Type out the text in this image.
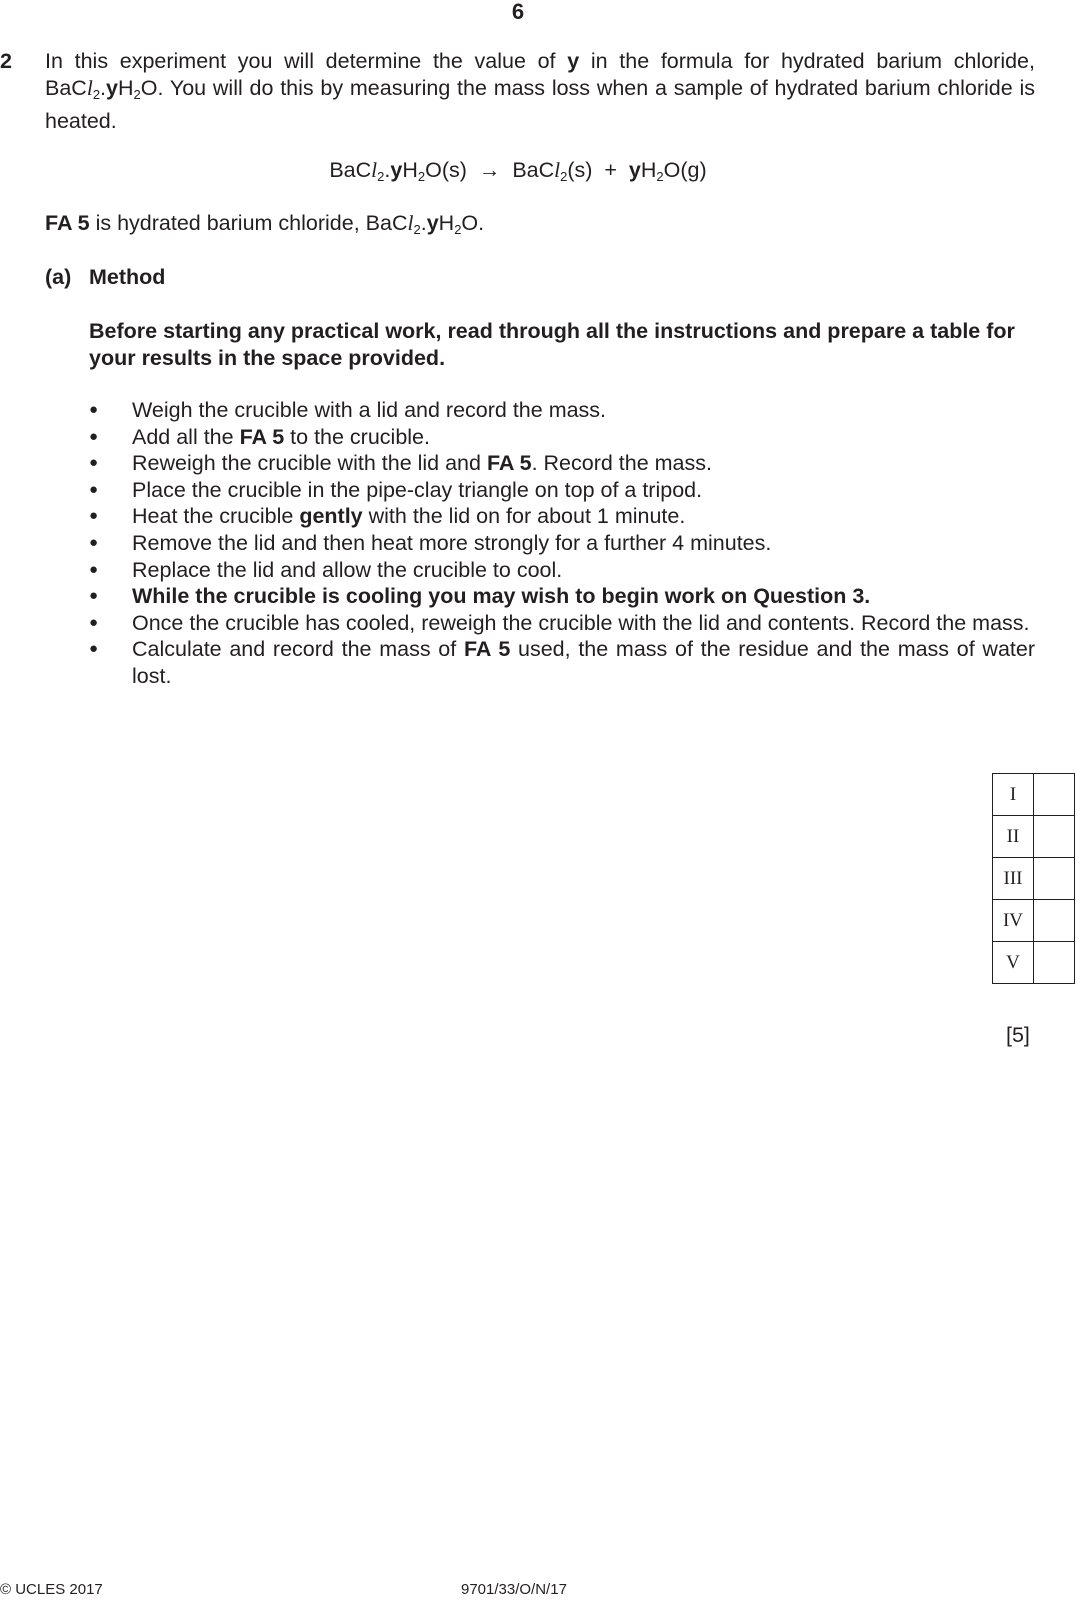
6
2 In this experiment you will determine the value of y in the formula for hydrated barium chloride, $BaCl_2.yH_2O$. You will do this by measuring the mass loss when a sample of hydrated barium chloride is heated.
$BaCl_2.yH_2O(s)$ → BaCl$_2$(s) + $yH_2O(g)$
FA 5 is hydrated barium chloride, $BaCl_2.yH_2O$.
(a) Method
Before starting any practical work, read through all the instructions and prepare a table for your results in the space provided.
● Weigh the crucible with a lid and record the mass.
● Add all the FA 5 to the crucible.
● Reweigh the crucible with the lid and FA 5. Record the mass.
● Place the crucible in the pipe-clay triangle on top of a tripod.
● Heat the crucible gently with the lid on for about 1 minute.
● Remove the lid and then heat more strongly for a further 4 minutes.
● Replace the lid and allow the crucible to cool.
● While the crucible is cooling you may wish to begin work on Question 3.
● Once the crucible has cooled, reweigh the crucible with the lid and contents. Record the mass.
● Calculate and record the mass of FA 5 used, the mass of the residue and the mass of water lost.
I	
II	
III	
IV	
V	
[5]
© UCLES 2017	9701/33/O/N/17
